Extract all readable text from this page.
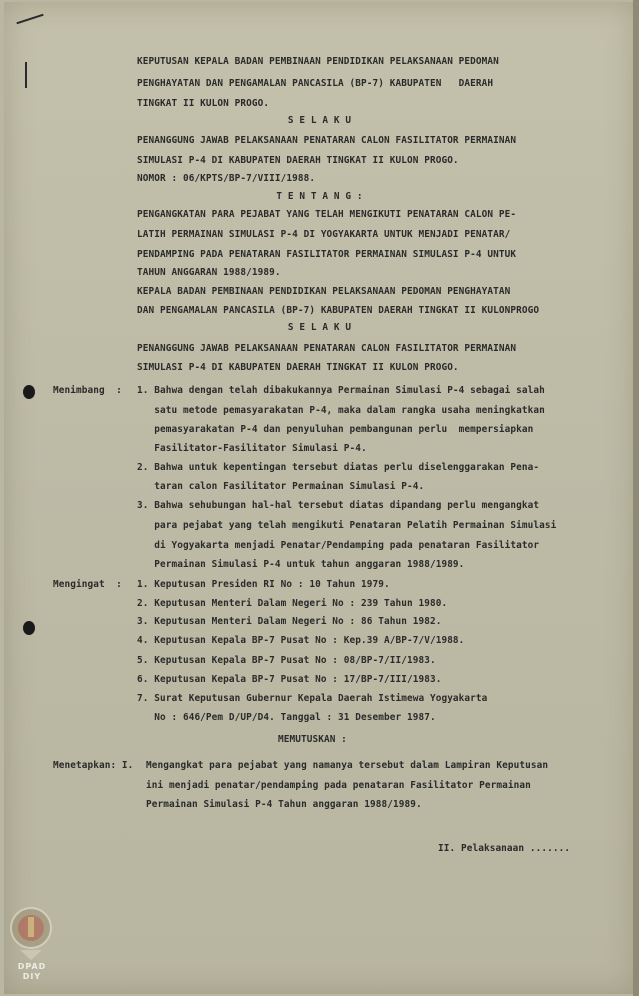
KEPUTUSAN KEPALA BADAN PEMBINAAN PENDIDIKAN PELAKSANAAN PEDOMAN
PENGHAYATAN DAN PENGAMALAN PANCASILA (BP-7) KABUPATEN   DAERAH
TINGKAT II KULON PROGO.
S E L A K U
PENANGGUNG JAWAB PELAKSANAAN PENATARAN CALON FASILITATOR PERMAINAN
SIMULASI P-4 DI KABUPATEN DAERAH TINGKAT II KULON PROGO.
NOMOR : 06/KPTS/BP-7/VIII/1988.
T E N T A N G :
PENGANGKATAN PARA PEJABAT YANG TELAH MENGIKUTI PENATARAN CALON PE-
LATIH PERMAINAN SIMULASI P-4 DI YOGYAKARTA UNTUK MENJADI PENATAR/
PENDAMPING PADA PENATARAN FASILITATOR PERMAINAN SIMULASI P-4 UNTUK
TAHUN ANGGARAN 1988/1989.
KEPALA BADAN PEMBINAAN PENDIDIKAN PELAKSANAAN PEDOMAN PENGHAYATAN
DAN PENGAMALAN PANCASILA (BP-7) KABUPATEN DAERAH TINGKAT II KULONPROGO
S E L A K U
PENANGGUNG JAWAB PELAKSANAAN PENATARAN CALON FASILITATOR PERMAINAN
SIMULASI P-4 DI KABUPATEN DAERAH TINGKAT II KULON PROGO.
Menimbang  : 1. Bahwa dengan telah dibakukannya Permainan Simulasi P-4 sebagai salah
satu metode pemasyarakatan P-4, maka dalam rangka usaha meningkatkan
pemasyarakatan P-4 dan penyuluhan pembangunan perlu  mempersiapkan
Fasilitator-Fasilitator Simulasi P-4.
2. Bahwa untuk kepentingan tersebut diatas perlu diselenggarakan Pena-
taran calon Fasilitator Permainan Simulasi P-4.
3. Bahwa sehubungan hal-hal tersebut diatas dipandang perlu mengangkat
para pejabat yang telah mengikuti Penataran Pelatih Permainan Simulasi
di Yogyakarta menjadi Penatar/Pendamping pada penataran Fasilitator
Permainan Simulasi P-4 untuk tahun anggaran 1988/1989.
Mengingat  : 1. Keputusan Presiden RI No : 10 Tahun 1979.
2. Keputusan Menteri Dalam Negeri No : 239 Tahun 1980.
3. Keputusan Menteri Dalam Negeri No : 86 Tahun 1982.
4. Keputusan Kepala BP-7 Pusat No : Kep.39 A/BP-7/V/1988.
5. Keputusan Kepala BP-7 Pusat No : 08/BP-7/II/1983.
6. Keputusan Kepala BP-7 Pusat No : 17/BP-7/III/1983.
7. Surat Keputusan Gubernur Kepala Daerah Istimewa Yogyakarta
No : 646/Pem D/UP/D4. Tanggal : 31 Desember 1987.
MEMUTUSKAN :
Menetapkan: I. Mengangkat para pejabat yang namanya tersebut dalam Lampiran Keputusan
ini menjadi penatar/pendamping pada penataran Fasilitator Permainan
Permainan Simulasi P-4 Tahun anggaran 1988/1989.
II. Pelaksanaan .......
DPAD
DIY
